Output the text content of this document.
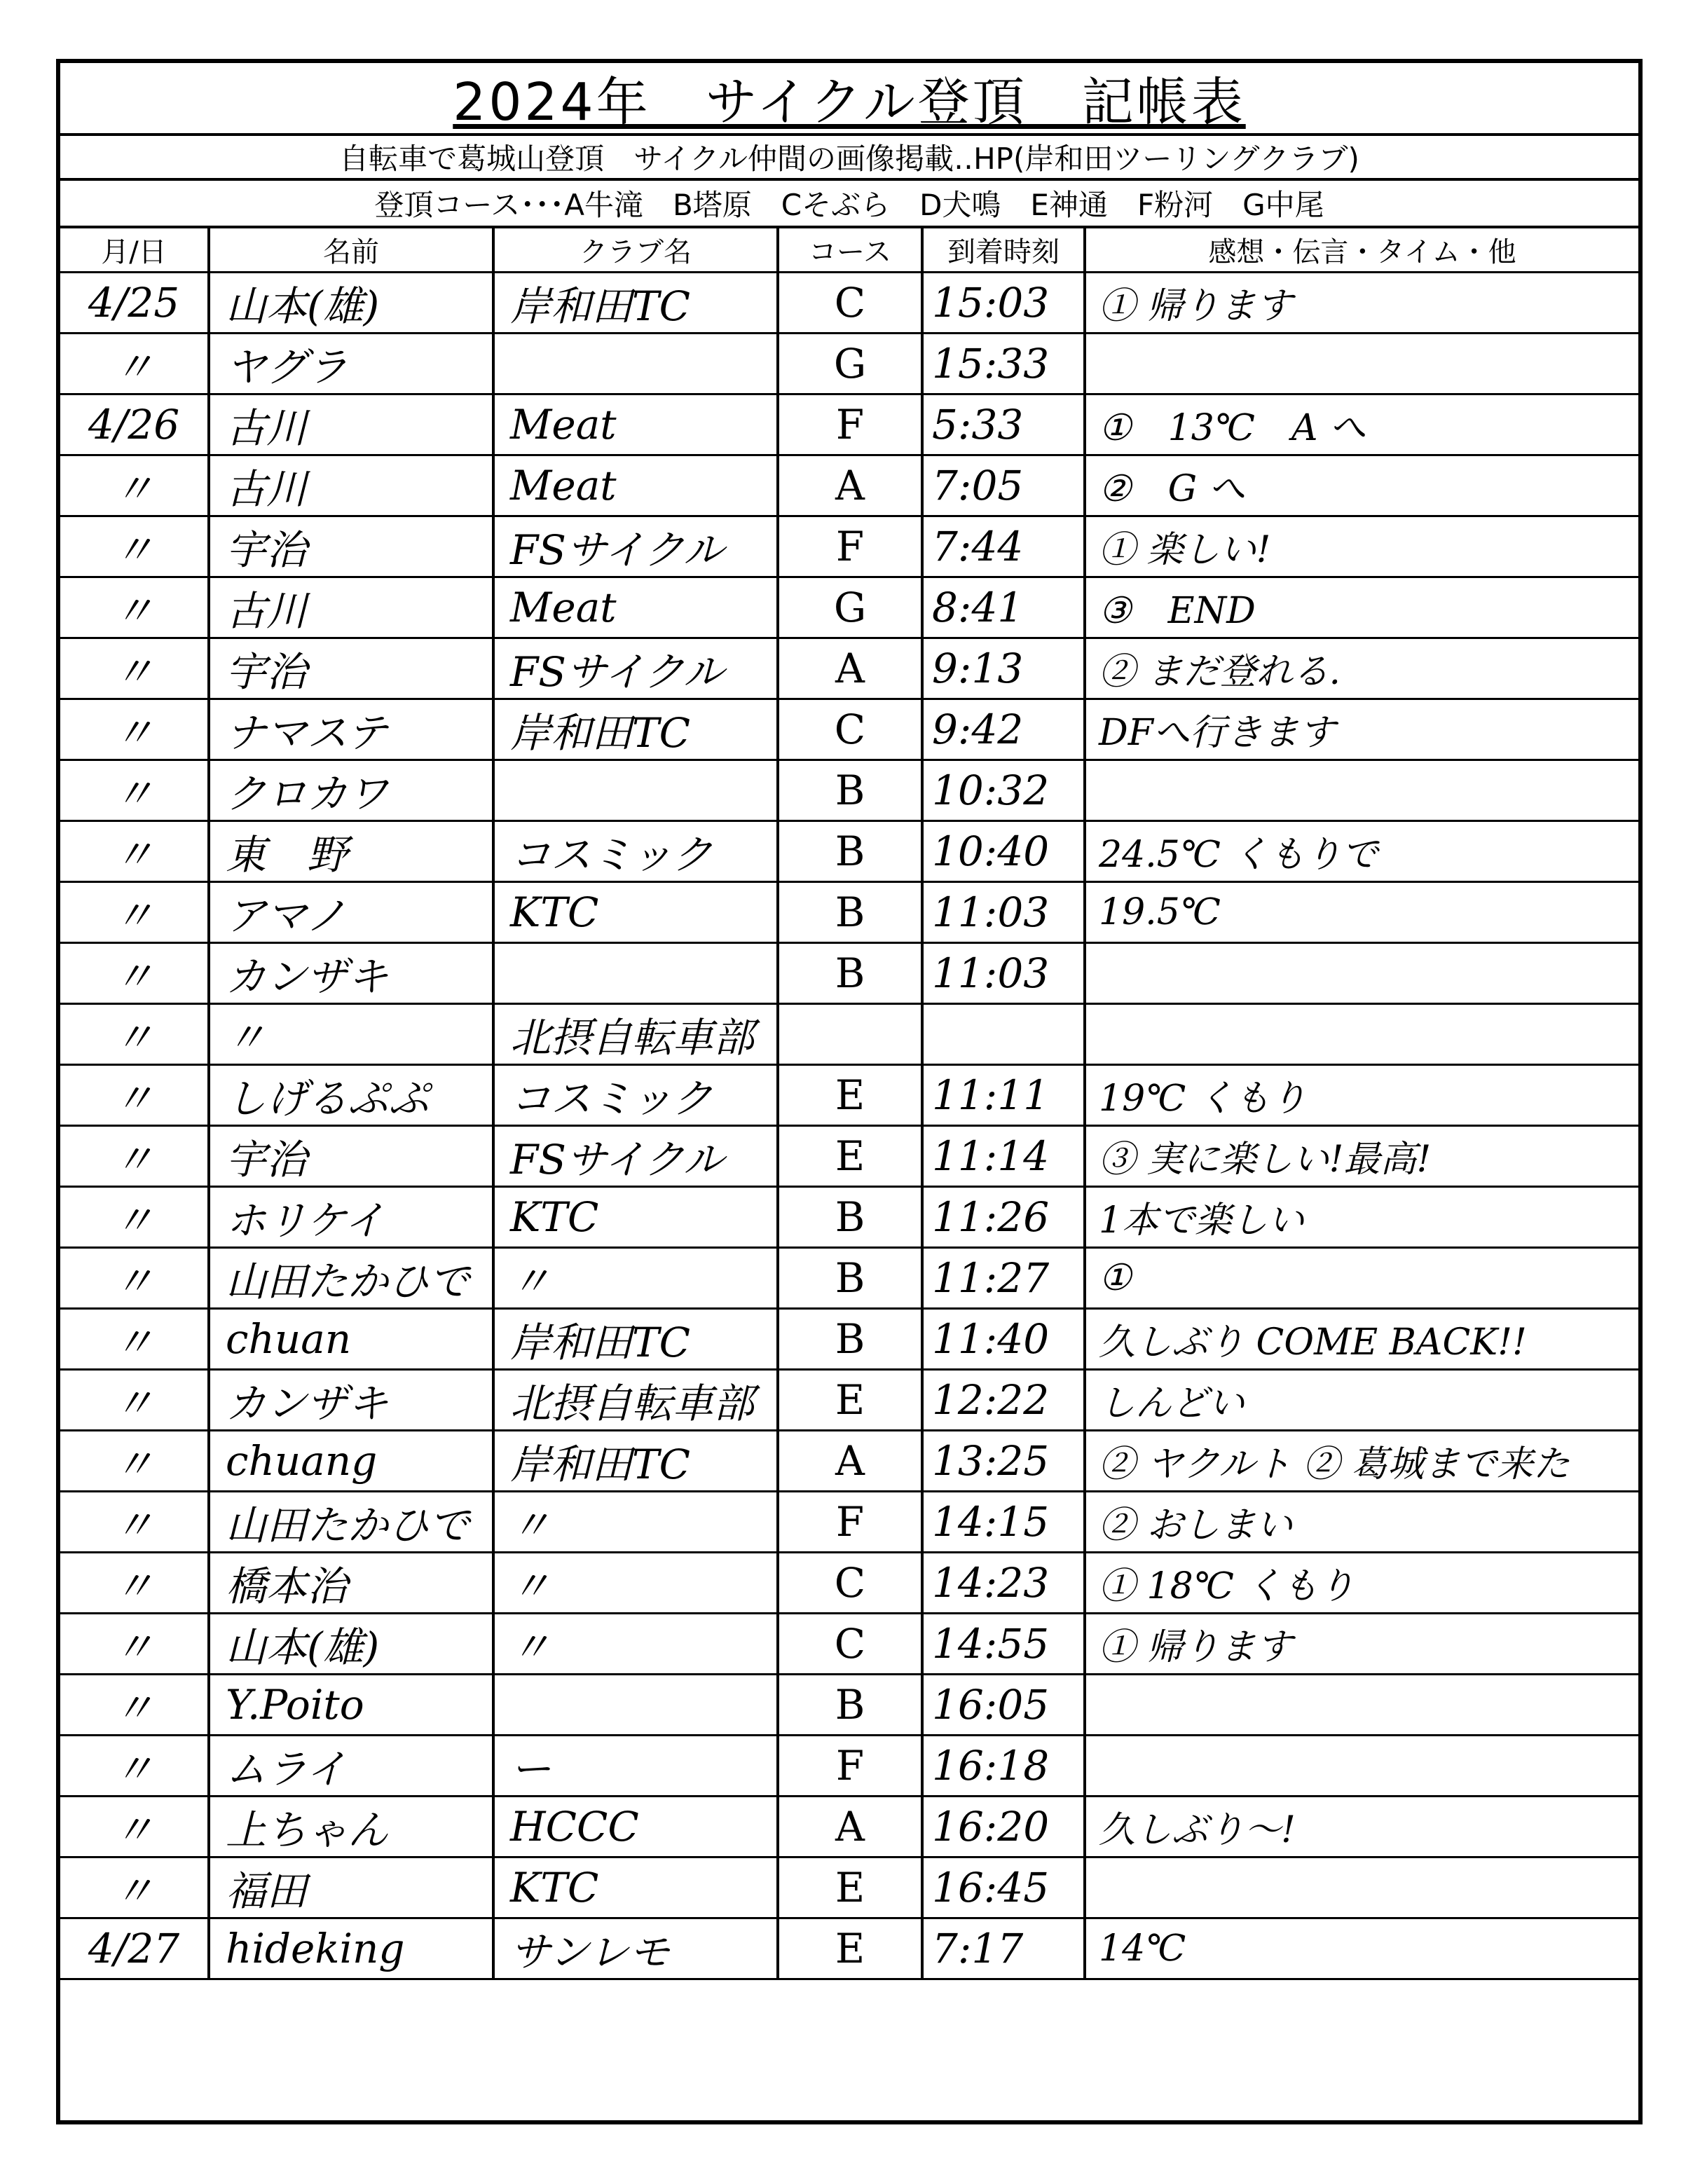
2024年　サイクル登頂　記帳表
自転車で葛城山登頂　サイクル仲間の画像掲載‥HP(岸和田ツーリングクラブ)
登頂コース･･･A牛滝　B塔原　Cそぶら　D犬鳴　E神通　F粉河　G中尾
月/日	名前	クラブ名	コース	到着時刻	感想・伝言・タイム・他
4/25	山本(雄)	岸和田TC	C	15:03	① 帰ります
〃	ヤグラ		G	15:33	
4/26	古川	Meat	F	5:33	①　13℃　A へ
〃	古川	Meat	A	7:05	②　G へ
〃	宇治	FSサイクル	F	7:44	① 楽しい!
〃	古川	Meat	G	8:41	③　END
〃	宇治	FSサイクル	A	9:13	② まだ登れる.
〃	ナマステ	岸和田TC	C	9:42	DFへ行きます
〃	クロカワ		B	10:32	
〃	東　野	コスミック	B	10:40	24.5℃ くもりで
〃	アマノ	KTC	B	11:03	19.5℃
〃	カンザキ		B	11:03	
〃	〃	北摂自転車部			
〃	しげるぷぷ	コスミック	E	11:11	19℃ くもり
〃	宇治	FSサイクル	E	11:14	③ 実に楽しい!最高!
〃	ホリケイ	KTC	B	11:26	1本で楽しい
〃	山田たかひで	〃	B	11:27	①
〃	chuan	岸和田TC	B	11:40	久しぶり COME BACK!!
〃	カンザキ	北摂自転車部	E	12:22	しんどい
〃	chuang	岸和田TC	A	13:25	② ヤクルト ② 葛城まで来た
〃	山田たかひで	〃	F	14:15	② おしまい
〃	橋本治	〃	C	14:23	① 18℃ くもり
〃	山本(雄)	〃	C	14:55	① 帰ります
〃	Y.Poito		B	16:05	
〃	ムライ	ー	F	16:18	
〃	上ちゃん	HCCC	A	16:20	久しぶり〜!
〃	福田	KTC	E	16:45	
4/27	hideking	サンレモ	E	7:17	14℃
